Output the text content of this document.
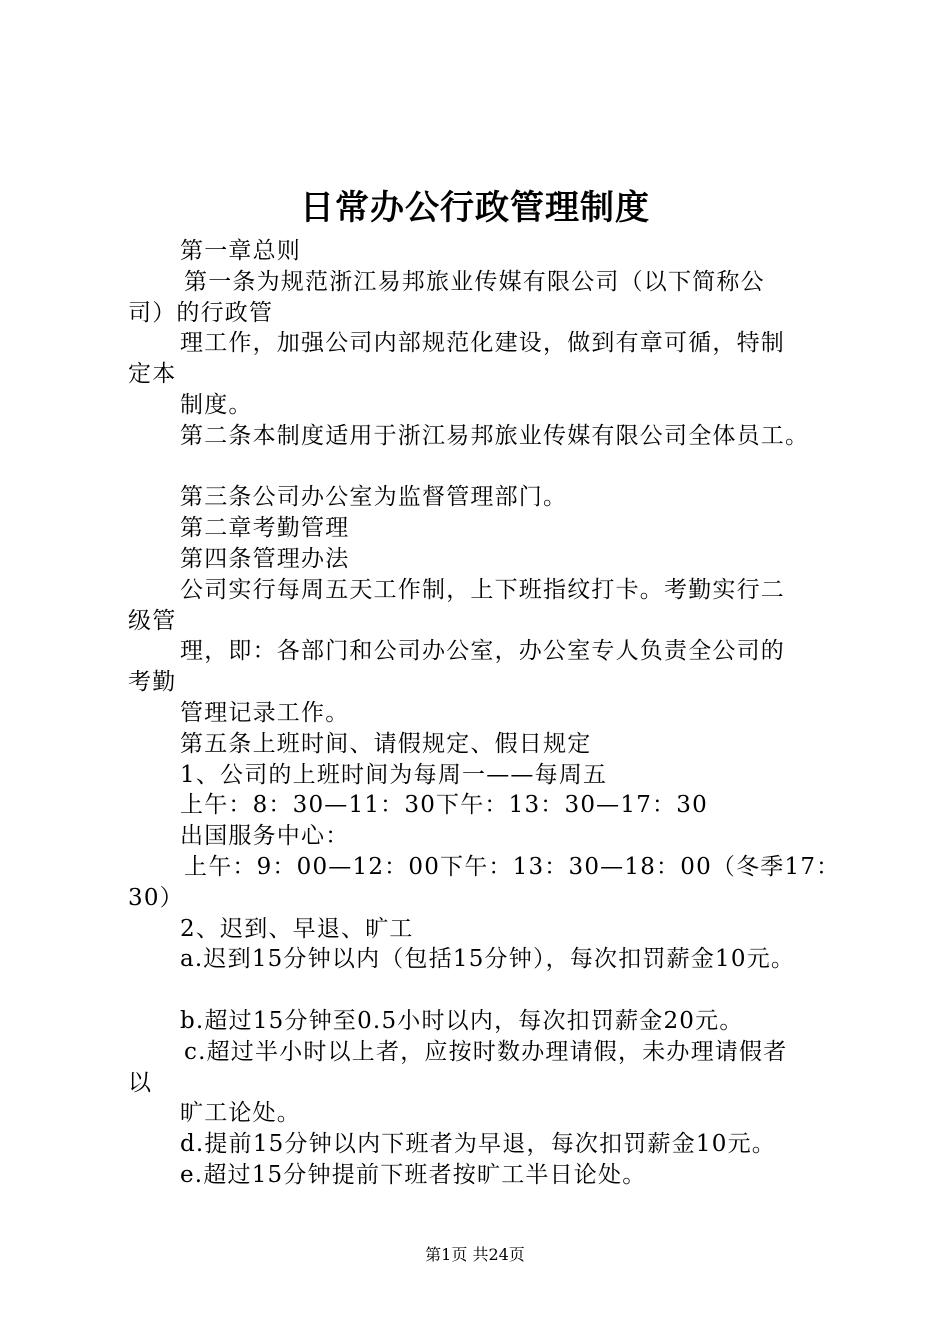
日常办公行政管理制度
第一章总则
第一条为规范浙江易邦旅业传媒有限公司（以下简称公
司）的行政管
理工作，加强公司内部规范化建设，做到有章可循，特制
定本
制度。
第二条本制度适用于浙江易邦旅业传媒有限公司全体员工。
第三条公司办公室为监督管理部门。
第二章考勤管理
第四条管理办法
公司实行每周五天工作制，上下班指纹打卡。考勤实行二
级管
理，即：各部门和公司办公室，办公室专人负责全公司的
考勤
管理记录工作。
第五条上班时间、请假规定、假日规定
1、公司的上班时间为每周一——每周五
上午：8：30—11：30下午：13：30—17：30
出国服务中心：
上午：9：00—12：00下午：13：30—18：00（冬季17：
30）
2、迟到、早退、旷工
a.迟到15分钟以内（包括15分钟），每次扣罚薪金10元。
b.超过15分钟至0.5小时以内，每次扣罚薪金20元。
c.超过半小时以上者，应按时数办理请假，未办理请假者
以
旷工论处。
d.提前15分钟以内下班者为早退，每次扣罚薪金10元。
e.超过15分钟提前下班者按旷工半日论处。
第1页 共24页
